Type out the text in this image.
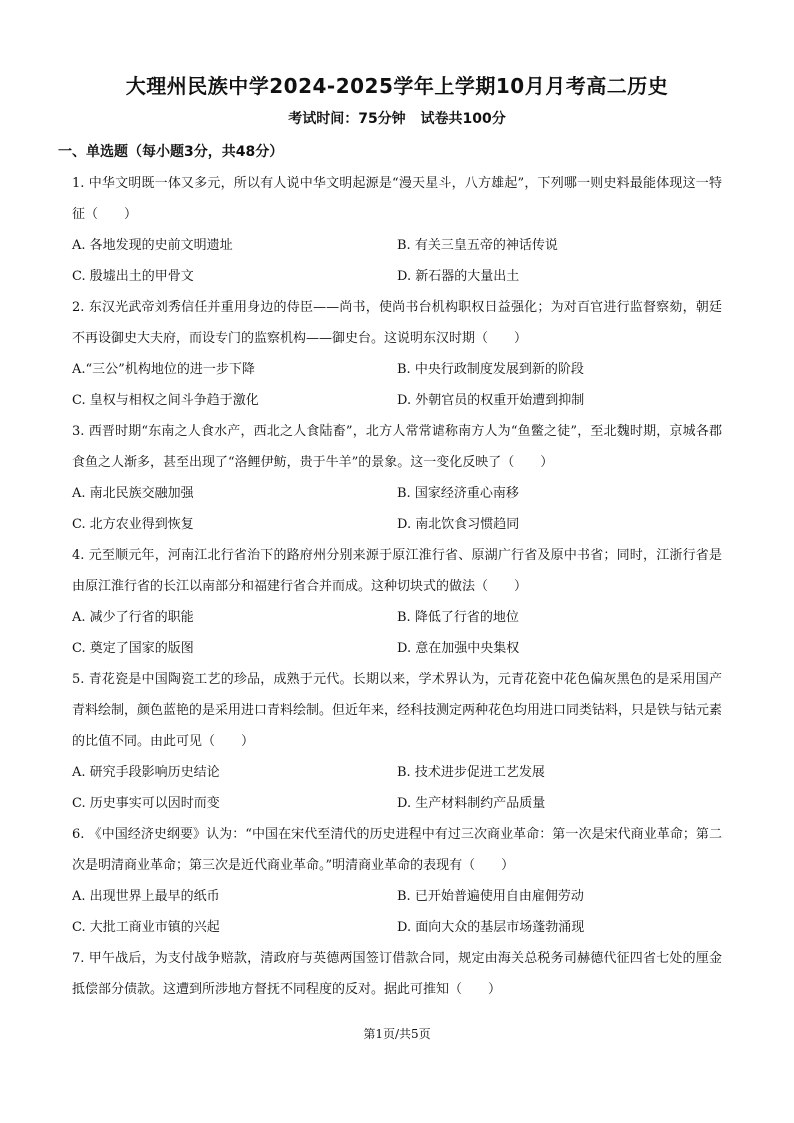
大理州民族中学2024-2025学年上学期10月月考高二历史
考试时间：75分钟 试卷共100分
一、单选题（每小题3分，共48分）

1. 中华文明既一体又多元，所以有人说中华文明起源是“漫天星斗，八方雄起”，下列哪一则史料最能体现这一特征（　　）

A. 各地发现的史前文明遗址	B. 有关三皇五帝的神话传说
C. 殷墟出土的甲骨文	D. 新石器的大量出土

2. 东汉光武帝刘秀信任并重用身边的侍臣——尚书，使尚书台机构职权日益强化；为对百官进行监督察劾，朝廷不再设御史大夫府，而设专门的监察机构——御史台。这说明东汉时期（　　）

A.“三公”机构地位的进一步下降	B. 中央行政制度发展到新的阶段
C. 皇权与相权之间斗争趋于激化	D. 外朝官员的权重开始遭到抑制

3. 西晋时期“东南之人食水产，西北之人食陆畜”，北方人常常谑称南方人为“鱼鳖之徒”，至北魏时期，京城各郡食鱼之人渐多，甚至出现了“洛鲤伊鲂，贵于牛羊”的景象。这一变化反映了（　　）

A. 南北民族交融加强	B. 国家经济重心南移
C. 北方农业得到恢复	D. 南北饮食习惯趋同

4. 元至顺元年，河南江北行省治下的路府州分别来源于原江淮行省、原湖广行省及原中书省；同时，江浙行省是由原江淮行省的长江以南部分和福建行省合并而成。这种切块式的做法（　　）

A. 减少了行省的职能	B. 降低了行省的地位
C. 奠定了国家的版图	D. 意在加强中央集权

5. 青花瓷是中国陶瓷工艺的珍品，成熟于元代。长期以来，学术界认为，元青花瓷中花色偏灰黑色的是采用国产青料绘制，颜色蓝艳的是采用进口青料绘制。但近年来，经科技测定两种花色均用进口同类钴料，只是铁与钴元素的比值不同。由此可见（　　）

A. 研究手段影响历史结论	B. 技术进步促进工艺发展
C. 历史事实可以因时而变	D. 生产材料制约产品质量

6. 《中国经济史纲要》认为：“中国在宋代至清代的历史进程中有过三次商业革命：第一次是宋代商业革命；第二次是明清商业革命；第三次是近代商业革命。”明清商业革命的表现有（　　）

A. 出现世界上最早的纸币	B. 已开始普遍使用自由雇佣劳动
C. 大批工商业市镇的兴起	D. 面向大众的基层市场蓬勃涌现

7. 甲午战后，为支付战争赔款，清政府与英德两国签订借款合同，规定由海关总税务司赫德代征四省七处的厘金抵偿部分债款。这遭到所涉地方督抚不同程度的反对。据此可推知（　　）

第1页/共5页
